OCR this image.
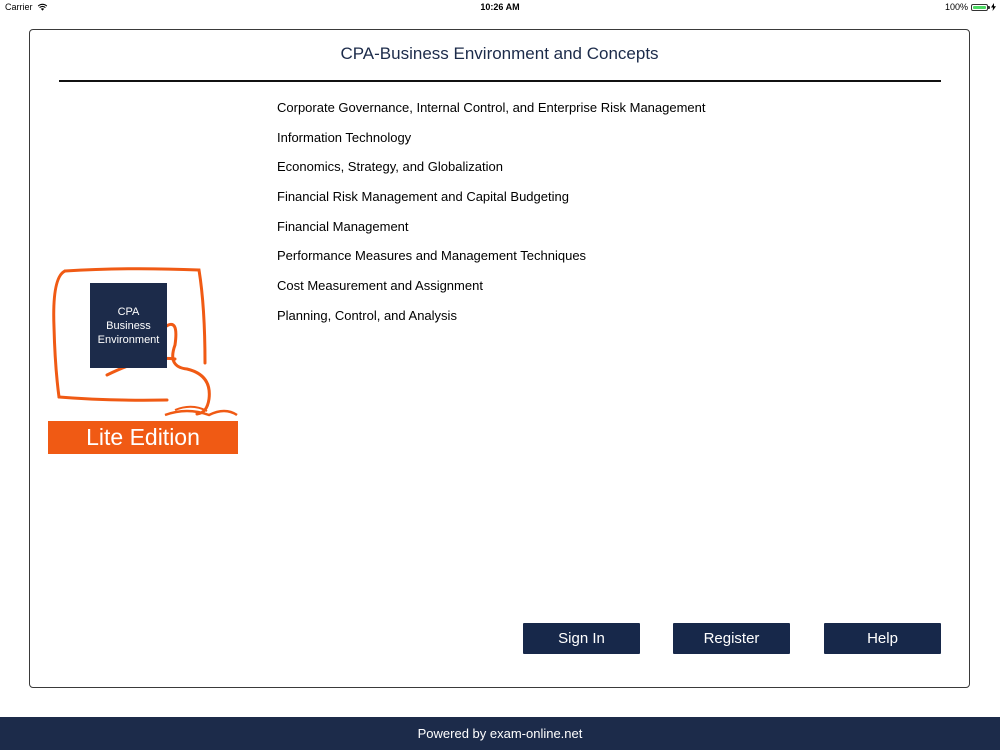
Carrier	10:26 AM	100%
CPA-Business Environment and Concepts
CPA
Business
Environment
Lite Edition
Corporate Governance, Internal Control, and Enterprise Risk Management
Information Technology
Economics, Strategy, and Globalization
Financial Risk Management and Capital Budgeting
Financial Management
Performance Measures and Management Techniques
Cost Measurement and Assignment
Planning, Control, and Analysis
Sign In	Register	Help
Powered by exam-online.net
